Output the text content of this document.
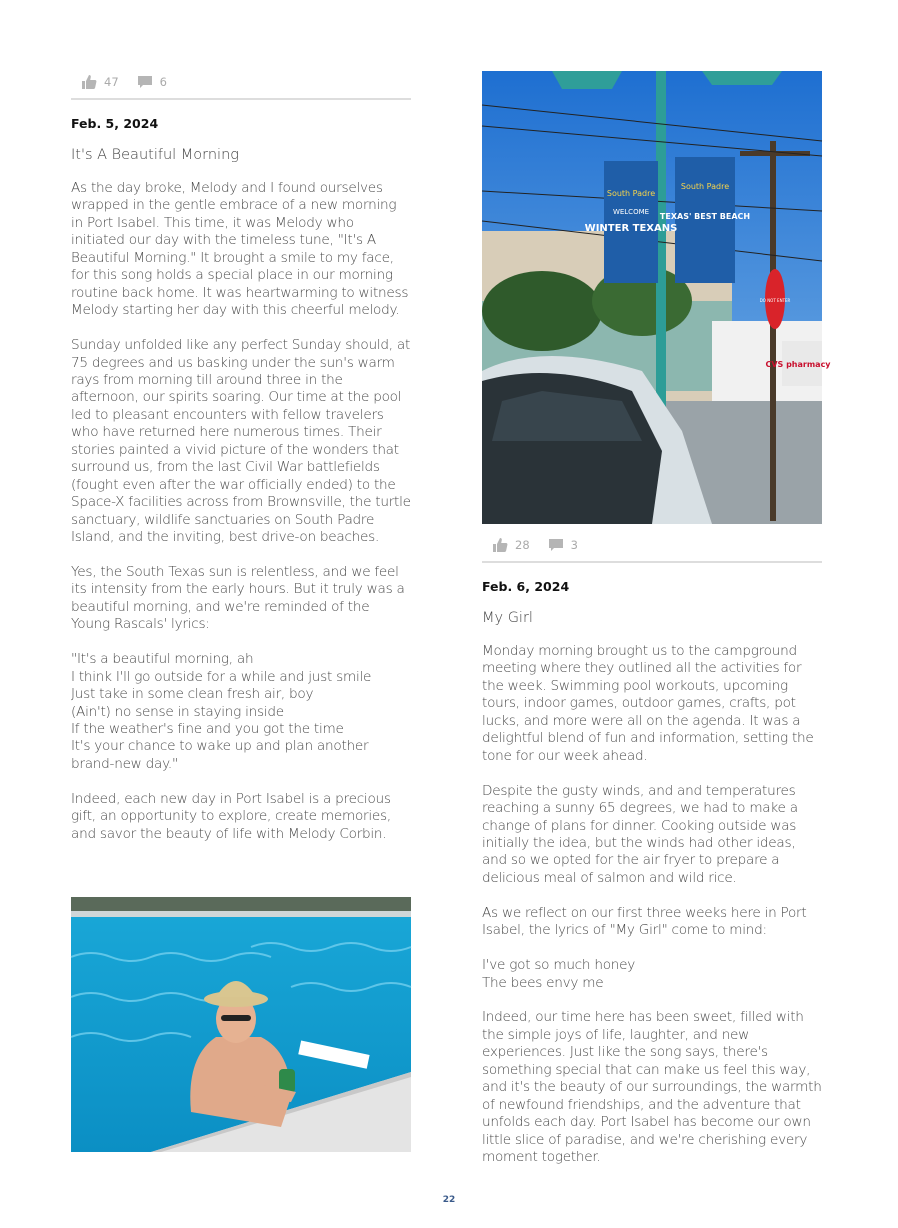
47	6
Feb. 5, 2024
It's A Beautiful Morning

As the day broke, Melody and I found ourselves wrapped in the gentle embrace of a new morning in Port Isabel. This time, it was Melody who initiated our day with the timeless tune, "It's A Beautiful Morning." It brought a smile to my face, for this song holds a special place in our morning routine back home. It was heartwarming to witness Melody starting her day with this cheerful melody.

Sunday unfolded like any perfect Sunday should, at 75 degrees and us basking under the sun's warm rays from morning till around three in the afternoon, our spirits soaring. Our time at the pool led to pleasant encounters with fellow travelers who have returned here numerous times. Their stories painted a vivid picture of the wonders that surround us, from the last Civil War battlefields (fought even after the war officially ended) to the Space-X facilities across from Brownsville, the turtle sanctuary, wildlife sanctuaries on South Padre Island, and the inviting, best drive-on beaches.

Yes, the South Texas sun is relentless, and we feel its intensity from the early hours. But it truly was a beautiful morning, and we're reminded of the Young Rascals' lyrics:

"It's a beautiful morning, ah
I think I'll go outside for a while and just smile
Just take in some clean fresh air, boy
(Ain't) no sense in staying inside
If the weather's fine and you got the time
It's your chance to wake up and plan another brand-new day."

Indeed, each new day in Port Isabel is a precious gift, an opportunity to explore, create memories, and savor the beauty of life with Melody Corbin.

South Padre
WELCOME
WINTER TEXANS
South Padre
TEXAS' BEST BEACH
DO NOT ENTER
CVS pharmacy
28	3
Feb. 6, 2024
My Girl

Monday morning brought us to the campground meeting where they outlined all the activities for the week. Swimming pool workouts, upcoming tours, indoor games, outdoor games, crafts, pot lucks, and more were all on the agenda. It was a delightful blend of fun and information, setting the tone for our week ahead.

Despite the gusty winds, and and temperatures reaching a sunny 65 degrees, we had to make a change of plans for dinner. Cooking outside was initially the idea, but the winds had other ideas, and so we opted for the air fryer to prepare a delicious meal of salmon and wild rice.

As we reflect on our first three weeks here in Port Isabel, the lyrics of "My Girl" come to mind:

I've got so much honey
The bees envy me

Indeed, our time here has been sweet, filled with the simple joys of life, laughter, and new experiences. Just like the song says, there's something special that can make us feel this way, and it's the beauty of our surroundings, the warmth of newfound friendships, and the adventure that unfolds each day. Port Isabel has become our own little slice of paradise, and we're cherishing every moment together.

22
